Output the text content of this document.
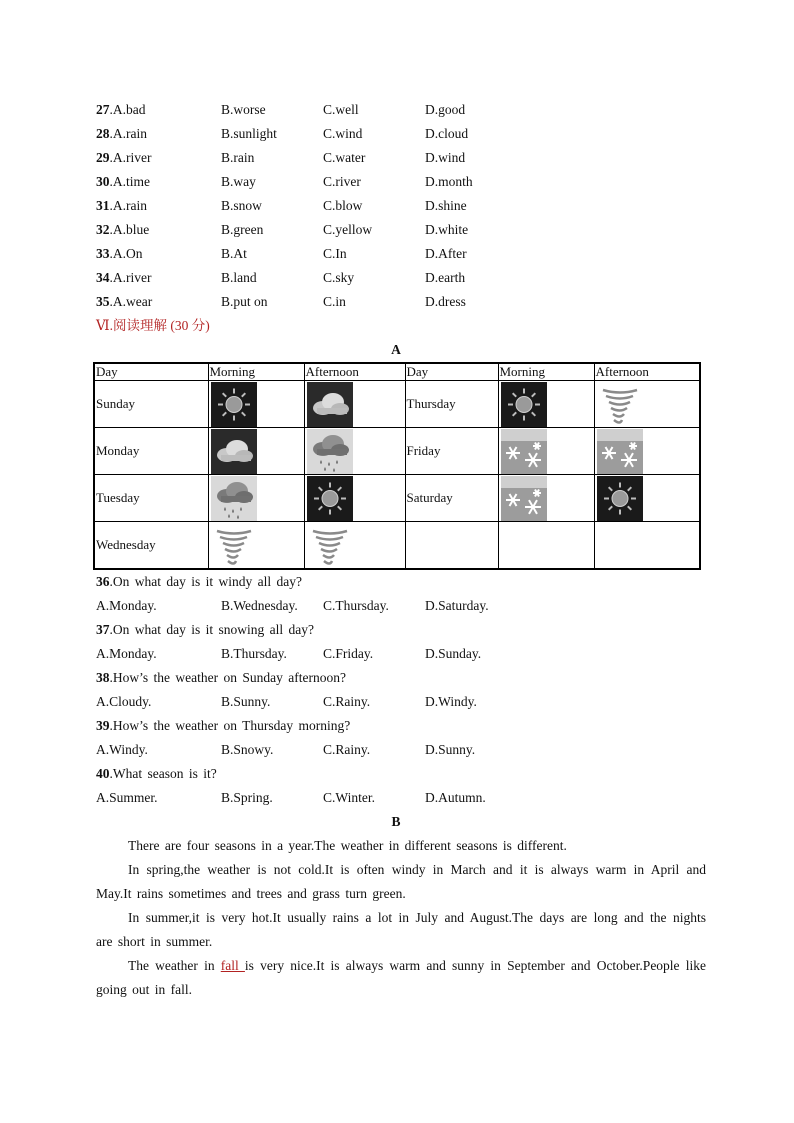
27.A.bad	B.worse	C.well	D.good
28.A.rain	B.sunlight	C.wind	D.cloud
29.A.river	B.rain	C.water	D.wind
30.A.time	B.way	C.river	D.month
31.A.rain	B.snow	C.blow	D.shine
32.A.blue	B.green	C.yellow	D.white
33.A.On	B.At	C.In	D.After
34.A.river	B.land	C.sky	D.earth
35.A.wear	B.put on	C.in	D.dress
Ⅵ.阅读理解 (30 分)
A
Day	Morning	Afternoon	Day	Morning	Afternoon
Sunday			Thursday	

Monday			Friday	

Tuesday			Saturday	

Wednesday	

36.On what day is it windy all day?
A.Monday.	B.Wednesday.	C.Thursday.	D.Saturday.
37.On what day is it snowing all day?
A.Monday.	B.Thursday.	C.Friday.	D.Sunday.
38.How’s the weather on Sunday afternoon?
A.Cloudy.	B.Sunny.	C.Rainy.	D.Windy.
39.How’s the weather on Thursday morning?
A.Windy.	B.Snowy.	C.Rainy.	D.Sunny.
40.What season is it?
A.Summer.	B.Spring.	C.Winter.	D.Autumn.
B
There are four seasons in a year.The weather in different seasons is different.
In spring,the weather is not cold.It is often windy in March and it is always warm in April and May.It rains sometimes and trees and grass turn green.
In summer,it is very hot.It usually rains a lot in July and August.The days are long and the nights are short in summer.
The weather in fall is very nice.It is always warm and sunny in September and October.People like going out in fall.
